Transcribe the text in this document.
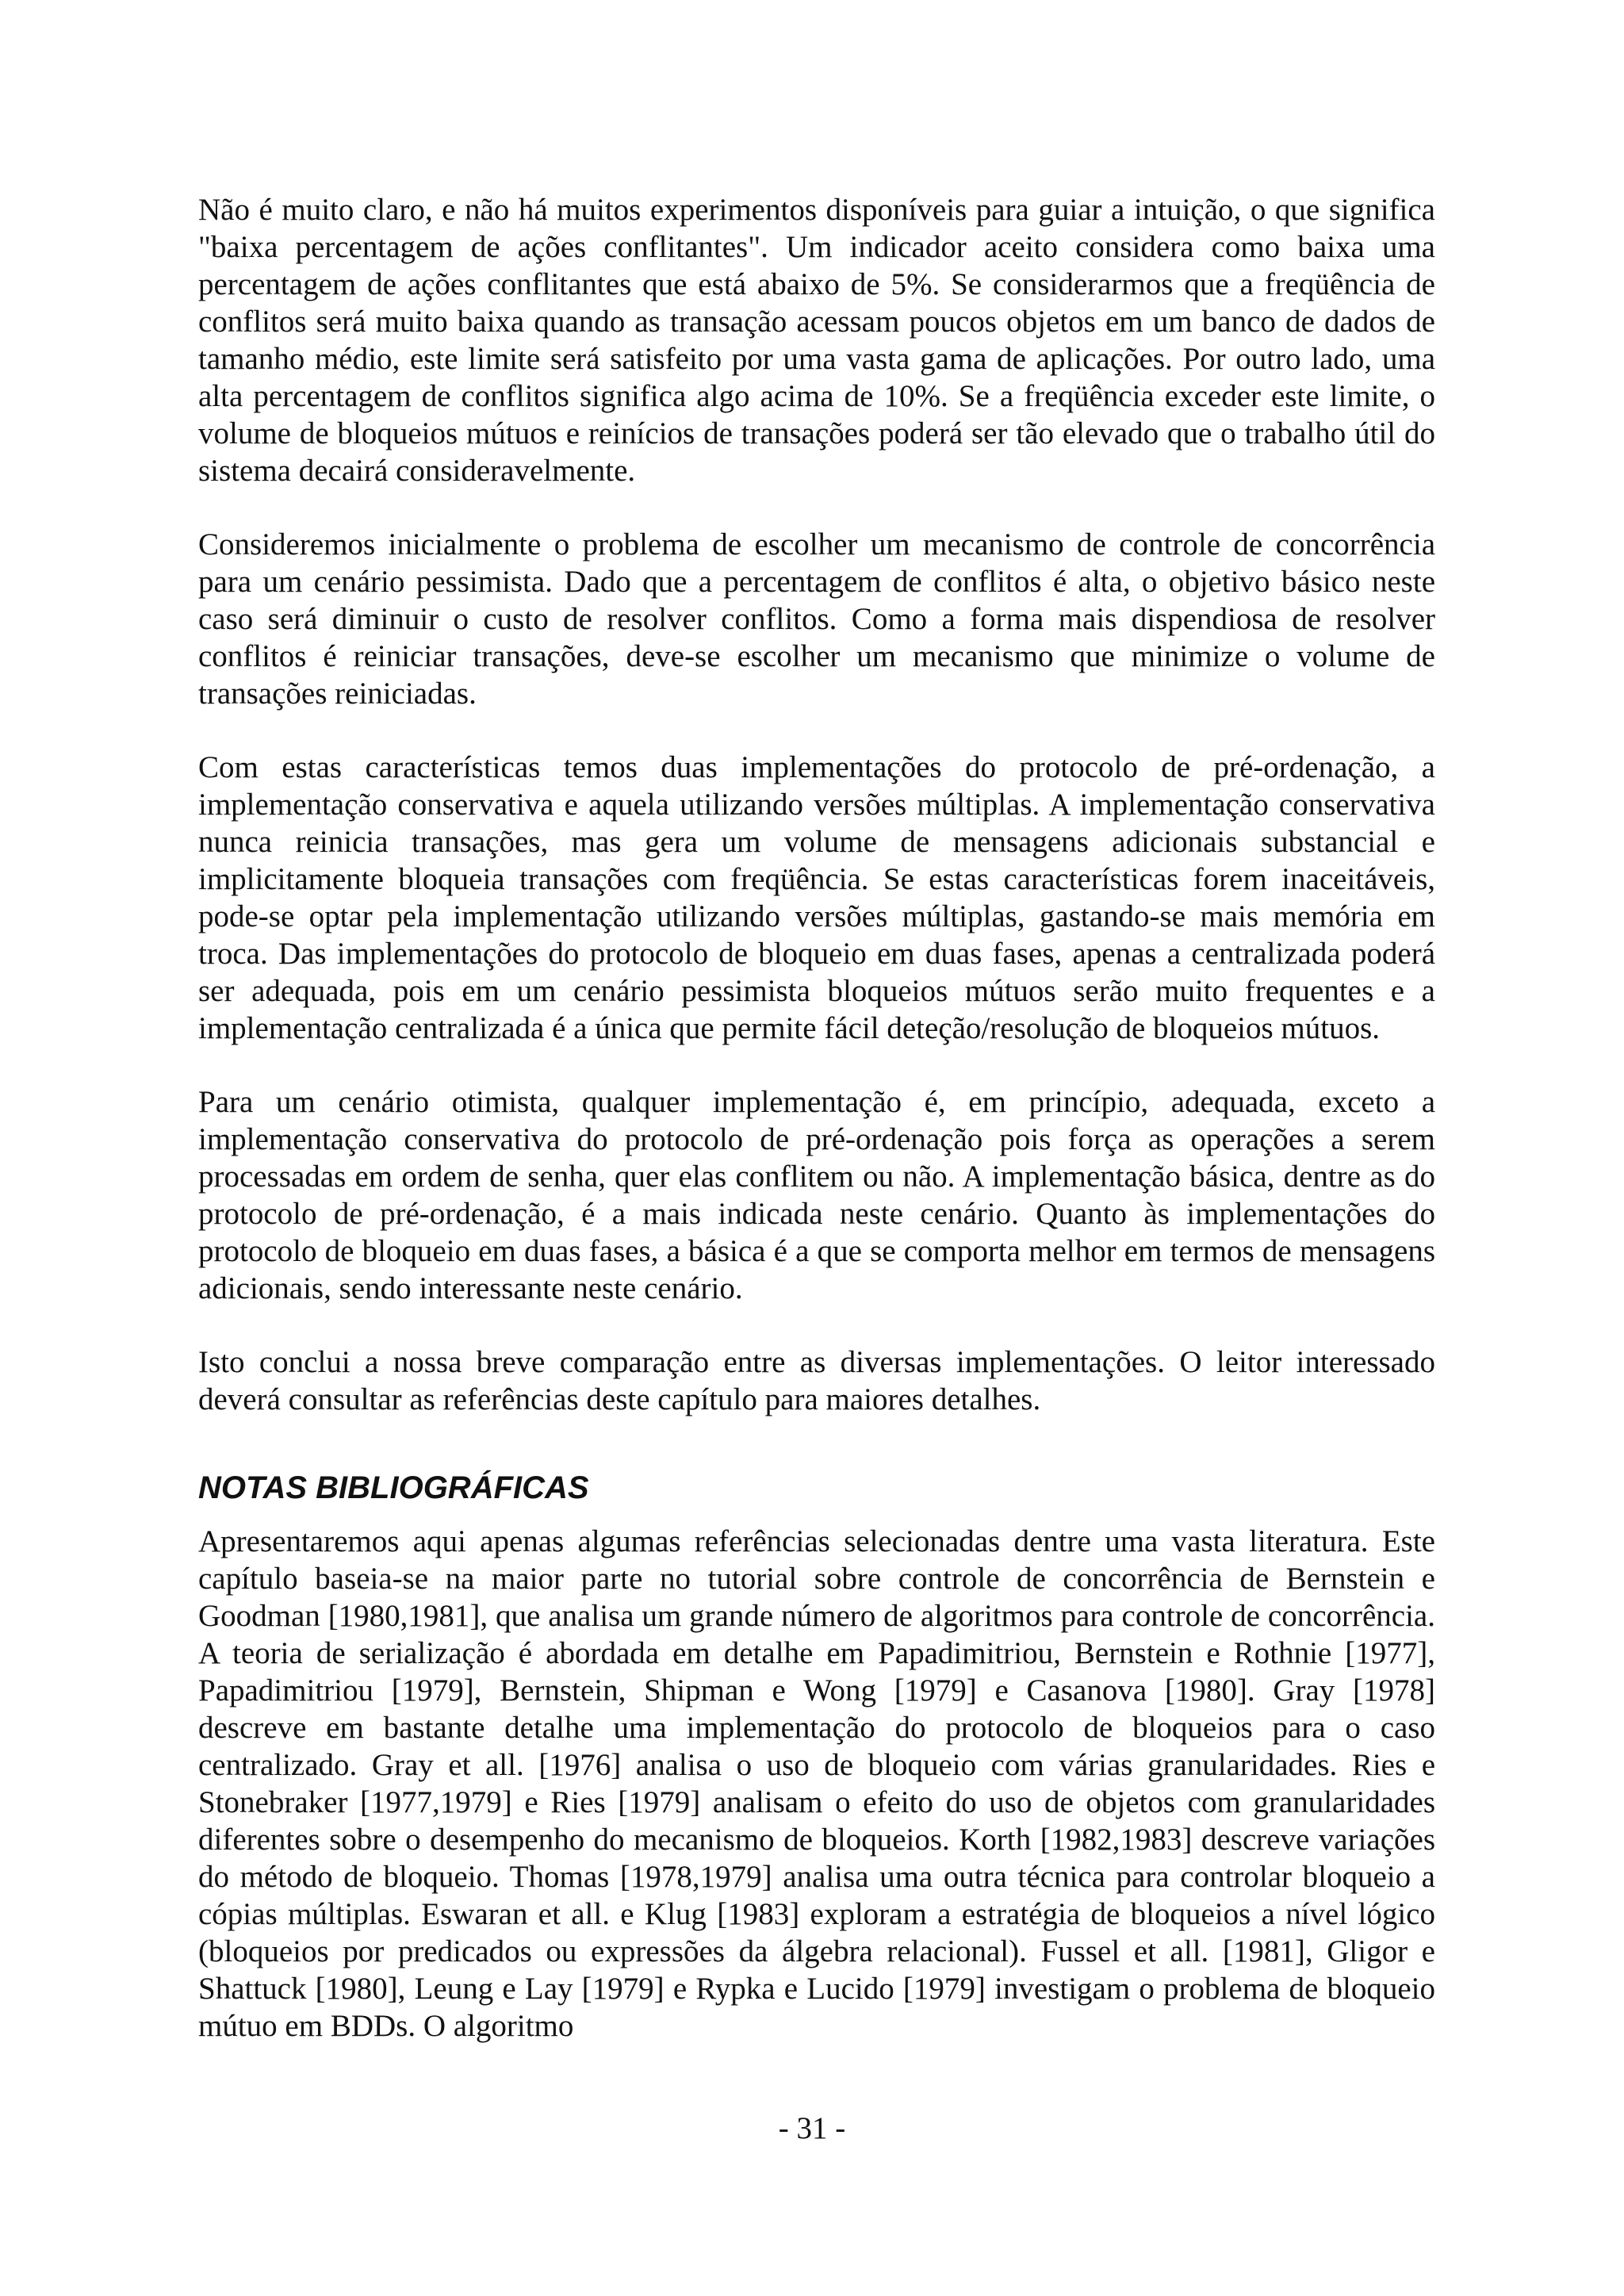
Não é muito claro, e não há muitos experimentos disponíveis para guiar a intuição, o que significa "baixa percentagem de ações conflitantes". Um indicador aceito considera como baixa uma percentagem de ações conflitantes que está abaixo de 5%. Se considerarmos que a freqüência de conflitos será muito baixa quando as transação acessam poucos objetos em um banco de dados de tamanho médio, este limite será satisfeito por uma vasta gama de aplicações. Por outro lado, uma alta percentagem de conflitos significa algo acima de 10%. Se a freqüência exceder este limite, o volume de bloqueios mútuos e reinícios de transações poderá ser tão elevado que o trabalho útil do sistema decairá consideravelmente.

Consideremos inicialmente o problema de escolher um mecanismo de controle de concorrência para um cenário pessimista. Dado que a percentagem de conflitos é alta, o objetivo básico neste caso será diminuir o custo de resolver conflitos. Como a forma mais dispendiosa de resolver conflitos é reiniciar transações, deve-se escolher um mecanismo que minimize o volume de transações reiniciadas.

Com estas características temos duas implementações do protocolo de pré-ordenação, a implementação conservativa e aquela utilizando versões múltiplas. A implementação conservativa nunca reinicia transações, mas gera um volume de mensagens adicionais substancial e implicitamente bloqueia transações com freqüência. Se estas características forem inaceitáveis, pode-se optar pela implementação utilizando versões múltiplas, gastando-se mais memória em troca. Das implementações do protocolo de bloqueio em duas fases, apenas a centralizada poderá ser adequada, pois em um cenário pessimista bloqueios mútuos serão muito frequentes e a implementação centralizada é a única que permite fácil deteção/resolução de bloqueios mútuos.

Para um cenário otimista, qualquer implementação é, em princípio, adequada, exceto a implementação conservativa do protocolo de pré-ordenação pois força as operações a serem processadas em ordem de senha, quer elas conflitem ou não. A implementação básica, dentre as do protocolo de pré-ordenação, é a mais indicada neste cenário. Quanto às implementações do protocolo de bloqueio em duas fases, a básica é a que se comporta melhor em termos de mensagens adicionais, sendo interessante neste cenário.

Isto conclui a nossa breve comparação entre as diversas implementações. O leitor interessado deverá consultar as referências deste capítulo para maiores detalhes.

NOTAS BIBLIOGRÁFICAS

Apresentaremos aqui apenas algumas referências selecionadas dentre uma vasta literatura. Este capítulo baseia-se na maior parte no tutorial sobre controle de concorrência de Bernstein e Goodman [1980,1981], que analisa um grande número de algoritmos para controle de concorrência. A teoria de serialização é abordada em detalhe em Papadimitriou, Bernstein e Rothnie [1977], Papadimitriou [1979], Bernstein, Shipman e Wong [1979] e Casanova [1980]. Gray [1978] descreve em bastante detalhe uma implementação do protocolo de bloqueios para o caso centralizado. Gray et all. [1976] analisa o uso de bloqueio com várias granularidades. Ries e Stonebraker [1977,1979] e Ries [1979] analisam o efeito do uso de objetos com granularidades diferentes sobre o desempenho do mecanismo de bloqueios. Korth [1982,1983] descreve variações do método de bloqueio. Thomas [1978,1979] analisa uma outra técnica para controlar bloqueio a cópias múltiplas. Eswaran et all. e Klug [1983] exploram a estratégia de bloqueios a nível lógico (bloqueios por predicados ou expressões da álgebra relacional). Fussel et all. [1981], Gligor e Shattuck [1980], Leung e Lay [1979] e Rypka e Lucido [1979] investigam o problema de bloqueio mútuo em BDDs. O algoritmo

- 31 -
